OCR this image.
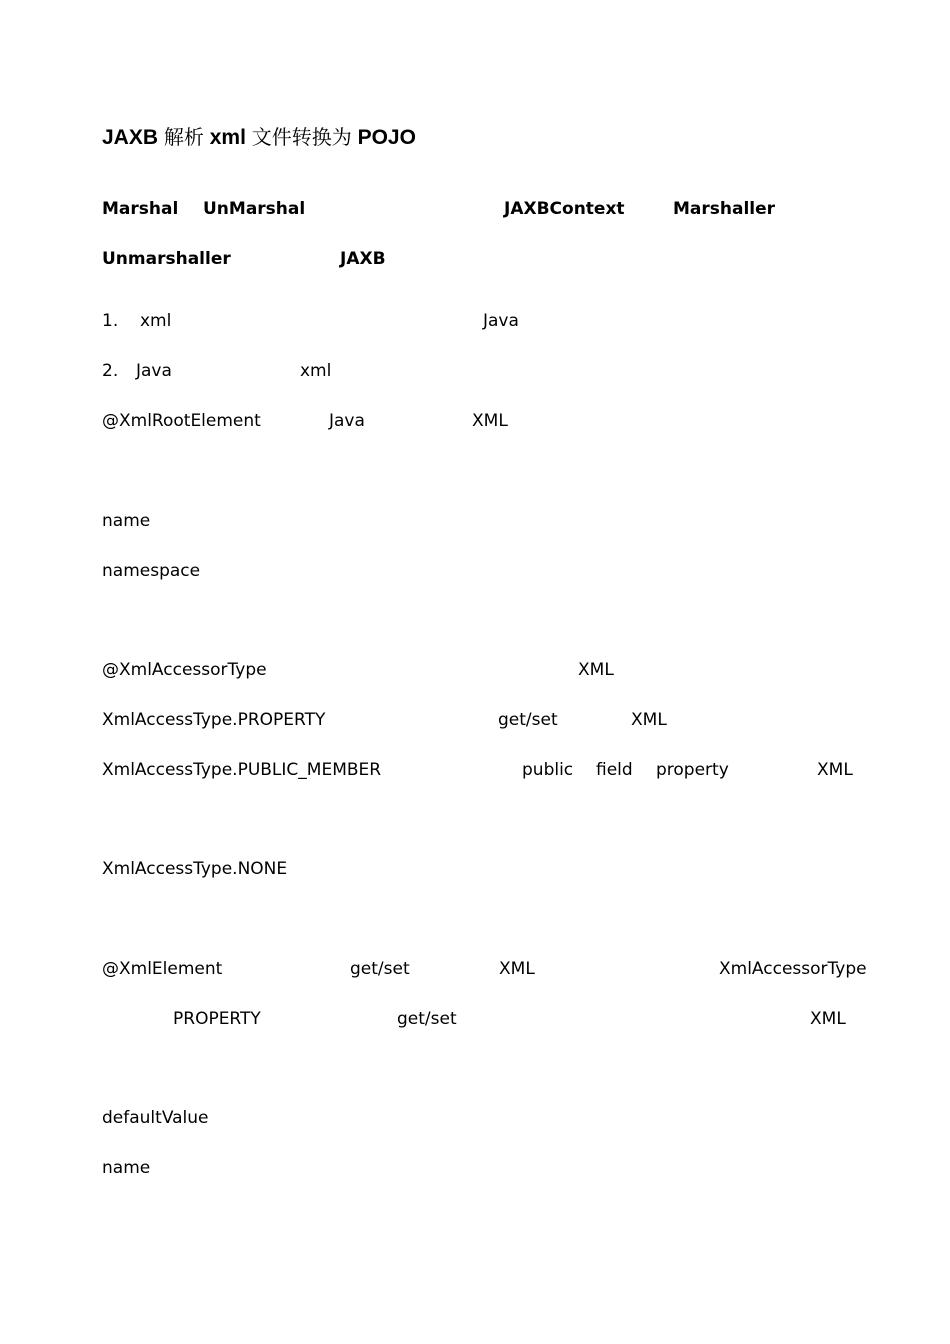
JAXB 解析 xml 文件转换为 POJO
Marshal UnMarshal	JAXBContext	Marshaller
Unmarshaller	JAXB
1. xml	Java
2. Java	xml
@XmlRootElement	Java	XML
name
namespace
@XmlAccessorType	XML
XmlAccessType.PROPERTY	get/set	XML
XmlAccessType.PUBLIC_MEMBER	public field property	XML
XmlAccessType.NONE
@XmlElement	get/set	XML	XmlAccessorType
PROPERTY	get/set	XML
defaultValue
name
